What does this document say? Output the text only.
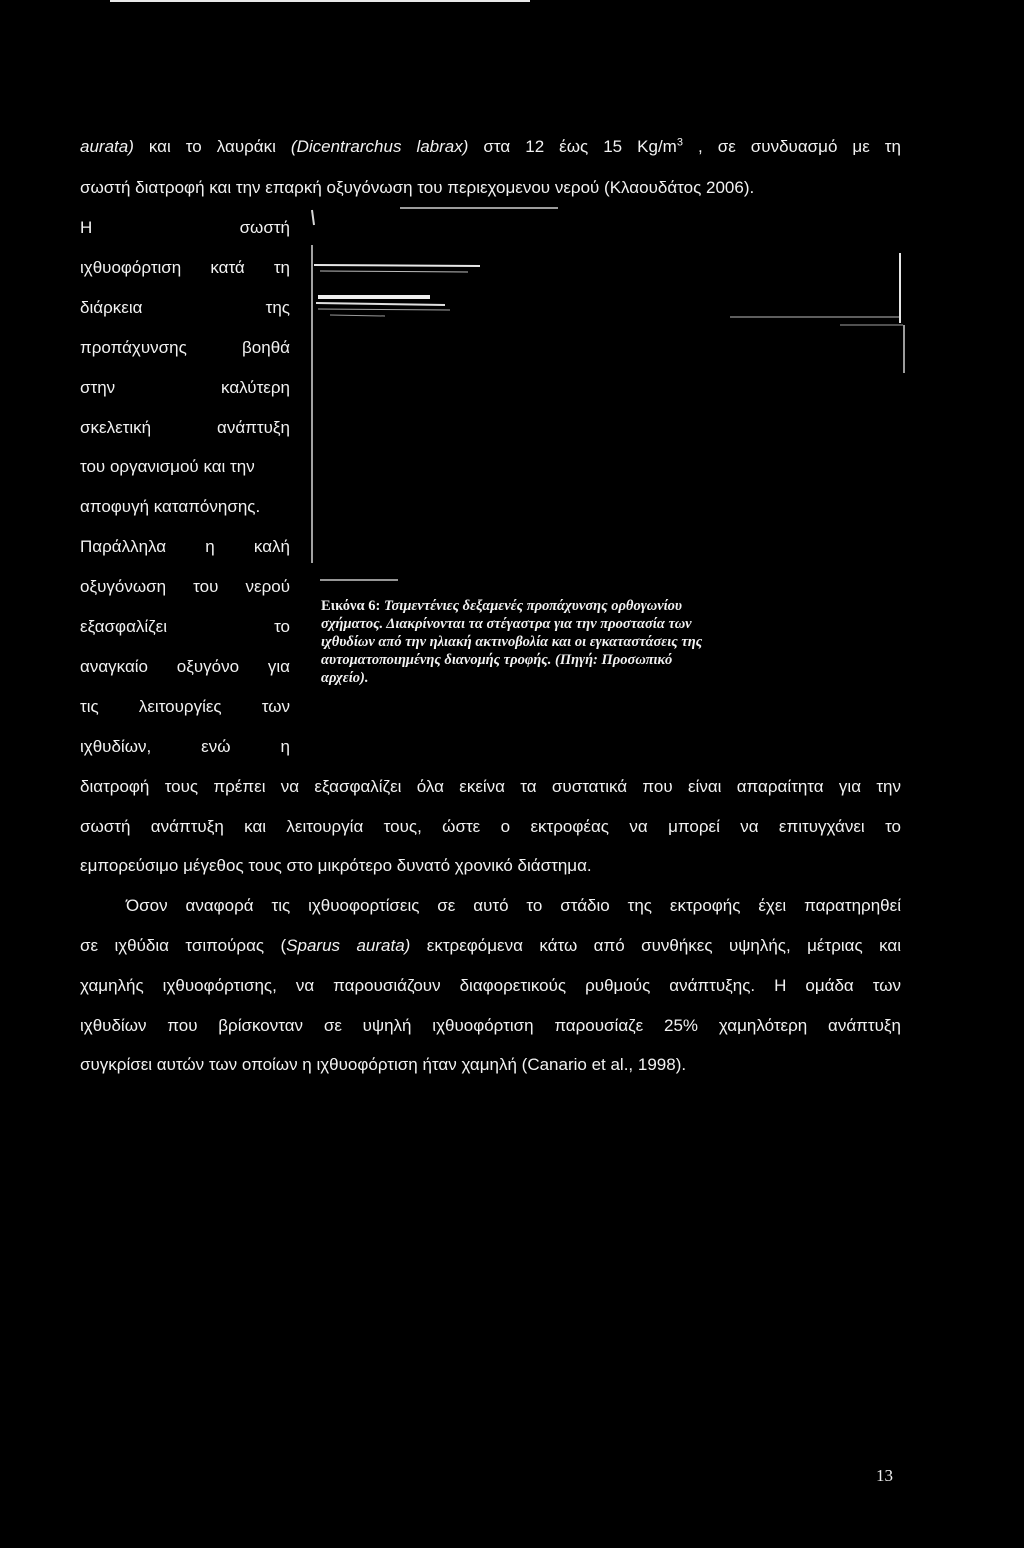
aurata) και το λαυράκι (Dicentrarchus labrax) στα 12 έως 15 $Kg/m^3$ , σε συνδυασμό με τη
σωστή διατροφή και την επαρκή οξυγόνωση του περιεχομενου νερού (Κλαουδάτος 2006).
Η σωστή
ιχθυοφόρτιση κατά τη
διάρκεια της
προπάχυνσης βοηθά
στην καλύτερη
σκελετική ανάπτυξη
του οργανισμού και την
αποφυγή καταπόνησης.
Παράλληλα η καλή
οξυγόνωση του νερού
εξασφαλίζει το
αναγκαίο οξυγόνο για
τις λειτουργίες των
ιχθυδίων, ενώ η
Εικόνα 6: Τσιμεντένιες δεξαμενές προπάχυνσης ορθογωνίου
σχήματος. Διακρίνονται τα στέγαστρα για την προστασία των
ιχθυδίων από την ηλιακή ακτινοβολία και οι εγκαταστάσεις της
αυτοματοποιημένης διανομής τροφής. (Πηγή: Προσωπικό
αρχείο).
διατροφή τους πρέπει να εξασφαλίζει όλα εκείνα τα συστατικά που είναι απαραίτητα για την
σωστή ανάπτυξη και λειτουργία τους, ώστε ο εκτροφέας να μπορεί να επιτυγχάνει το
εμπορεύσιμο μέγεθος τους στο μικρότερο δυνατό χρονικό διάστημα.
Όσον αναφορά τις ιχθυοφορτίσεις σε αυτό το στάδιο της εκτροφής έχει παρατηρηθεί
σε ιχθύδια τσιπούρας (Sparus aurata) εκτρεφόμενα κάτω από συνθήκες υψηλής, μέτριας και
χαμηλής ιχθυοφόρτισης, να παρουσιάζουν διαφορετικούς ρυθμούς ανάπτυξης. Η ομάδα των
ιχθυδίων που βρίσκονταν σε υψηλή ιχθυοφόρτιση παρουσίαζε 25% χαμηλότερη ανάπτυξη
συγκρίσει αυτών των οποίων η ιχθυοφόρτιση ήταν χαμηλή (Canario et al., 1998).
13
